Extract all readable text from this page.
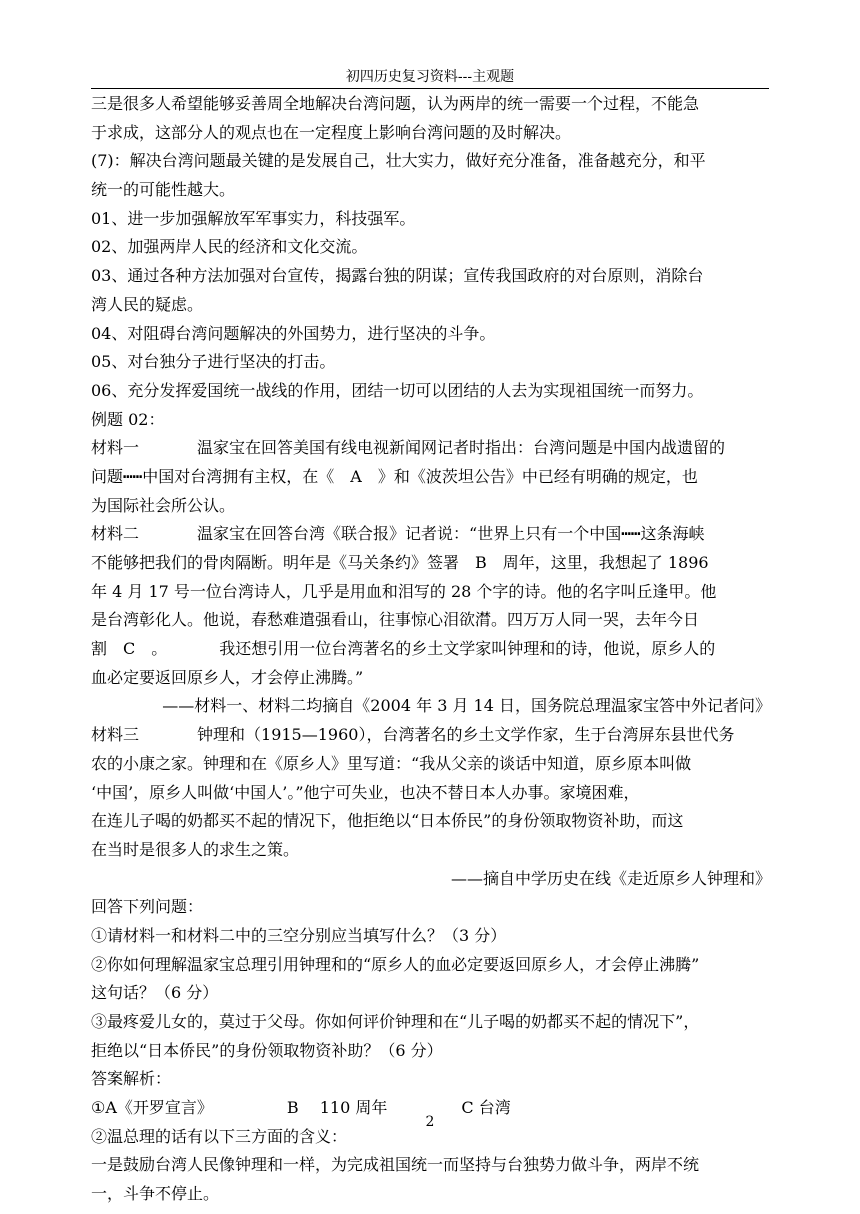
初四历史复习资料---主观题
三是很多人希望能够妥善周全地解决台湾问题，认为两岸的统一需要一个过程，不能急
于求成，这部分人的观点也在一定程度上影响台湾问题的及时解决。
(7)：解决台湾问题最关键的是发展自己，壮大实力，做好充分准备，准备越充分，和平
统一的可能性越大。
01、进一步加强解放军军事实力，科技强军。
02、加强两岸人民的经济和文化交流。
03、通过各种方法加强对台宣传，揭露台独的阴谋；宣传我国政府的对台原则，消除台
湾人民的疑虑。
04、对阻碍台湾问题解决的外国势力，进行坚决的斗争。
05、对台独分子进行坚决的打击。
06、充分发挥爱国统一战线的作用，团结一切可以团结的人去为实现祖国统一而努力。
例题 02：
材料一	温家宝在回答美国有线电视新闻网记者时指出：台湾问题是中国内战遗留的
问题┅┅中国对台湾拥有主权，在《　A　》和《波茨坦公告》中已经有明确的规定，也
为国际社会所公认。
材料二	温家宝在回答台湾《联合报》记者说：“世界上只有一个中国┅┅这条海峡
不能够把我们的骨肉隔断。明年是《马关条约》签署　B　周年，这里，我想起了 1896
年 4 月 17 号一位台湾诗人，几乎是用血和泪写的 28 个字的诗。他的名字叫丘逢甲。他
是台湾彰化人。他说，春愁难遣强看山，往事惊心泪欲潸。四万万人同一哭，去年今日
割　C　。	我还想引用一位台湾著名的乡土文学家叫钟理和的诗，他说，原乡人的
血必定要返回原乡人，才会停止沸腾。”
——材料一、材料二均摘自《2004 年 3 月 14 日，国务院总理温家宝答中外记者问》
材料三	钟理和（1915—1960），台湾著名的乡土文学作家，生于台湾屏东县世代务
农的小康之家。钟理和在《原乡人》里写道：“我从父亲的谈话中知道，原乡原本叫做
‘中国’，原乡人叫做‘中国人’。”他宁可失业，也决不替日本人办事。家境困难，
在连儿子喝的奶都买不起的情况下，他拒绝以“日本侨民”的身份领取物资补助，而这
在当时是很多人的求生之策。
——摘自中学历史在线《走近原乡人钟理和》
回答下列问题：
①请材料一和材料二中的三空分别应当填写什么？（3 分）
②你如何理解温家宝总理引用钟理和的“原乡人的血必定要返回原乡人，才会停止沸腾”
这句话？（6 分）
③最疼爱儿女的，莫过于父母。你如何评价钟理和在“儿子喝的奶都买不起的情况下”，
拒绝以“日本侨民”的身份领取物资补助？（6 分）
答案解析：
①A《开罗宣言》	B　 110 周年	C 台湾
②温总理的话有以下三方面的含义：
一是鼓励台湾人民像钟理和一样，为完成祖国统一而坚持与台独势力做斗争，两岸不统
一，斗争不停止。
2
